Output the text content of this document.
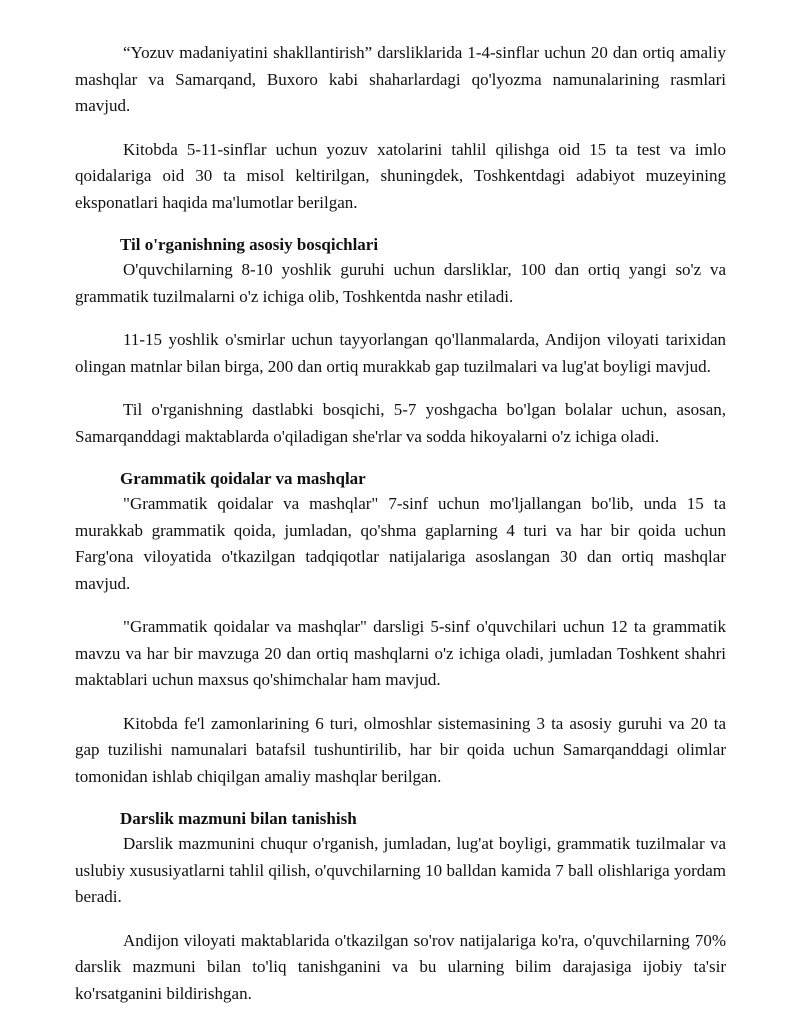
“Yozuv madaniyatini shakllantirish” darsliklarida 1-4-sinflar uchun 20 dan ortiq amaliy mashqlar va Samarqand, Buxoro kabi shaharlardagi qo'lyozma namunalarining rasmlari mavjud.

Kitobda 5-11-sinflar uchun yozuv xatolarini tahlil qilishga oid 15 ta test va imlo qoidalariga oid 30 ta misol keltirilgan, shuningdek, Toshkentdagi adabiyot muzeyining eksponatlari haqida ma'lumotlar berilgan.

Til o'rganishning asosiy bosqichlari

O'quvchilarning 8-10 yoshlik guruhi uchun darsliklar, 100 dan ortiq yangi so'z va grammatik tuzilmalarni o'z ichiga olib, Toshkentda nashr etiladi.

11-15 yoshlik o'smirlar uchun tayyorlangan qo'llanmalarda, Andijon viloyati tarixidan olingan matnlar bilan birga, 200 dan ortiq murakkab gap tuzilmalari va lug'at boyligi mavjud.

Til o'rganishning dastlabki bosqichi, 5-7 yoshgacha bo'lgan bolalar uchun, asosan, Samarqanddagi maktablarda o'qiladigan she'rlar va sodda hikoyalarni o'z ichiga oladi.

Grammatik qoidalar va mashqlar

"Grammatik qoidalar va mashqlar" 7-sinf uchun mo'ljallangan bo'lib, unda 15 ta murakkab grammatik qoida, jumladan, qo'shma gaplarning 4 turi va har bir qoida uchun Farg'ona viloyatida o'tkazilgan tadqiqotlar natijalariga asoslangan 30 dan ortiq mashqlar mavjud.

"Grammatik qoidalar va mashqlar" darsligi 5-sinf o'quvchilari uchun 12 ta grammatik mavzu va har bir mavzuga 20 dan ortiq mashqlarni o'z ichiga oladi, jumladan Toshkent shahri maktablari uchun maxsus qo'shimchalar ham mavjud.

Kitobda fe'l zamonlarining 6 turi, olmoshlar sistemasining 3 ta asosiy guruhi va 20 ta gap tuzilishi namunalari batafsil tushuntirilib, har bir qoida uchun Samarqanddagi olimlar tomonidan ishlab chiqilgan amaliy mashqlar berilgan.

Darslik mazmuni bilan tanishish

Darslik mazmunini chuqur o'rganish, jumladan, lug'at boyligi, grammatik tuzilmalar va uslubiy xususiyatlarni tahlil qilish, o'quvchilarning 10 balldan kamida 7 ball olishlariga yordam beradi.

Andijon viloyati maktablarida o'tkazilgan so'rov natijalariga ko'ra, o'quvchilarning 70% darslik mazmuni bilan to'liq tanishganini va bu ularning bilim darajasiga ijobiy ta'sir ko'rsatganini bildirishgan.
